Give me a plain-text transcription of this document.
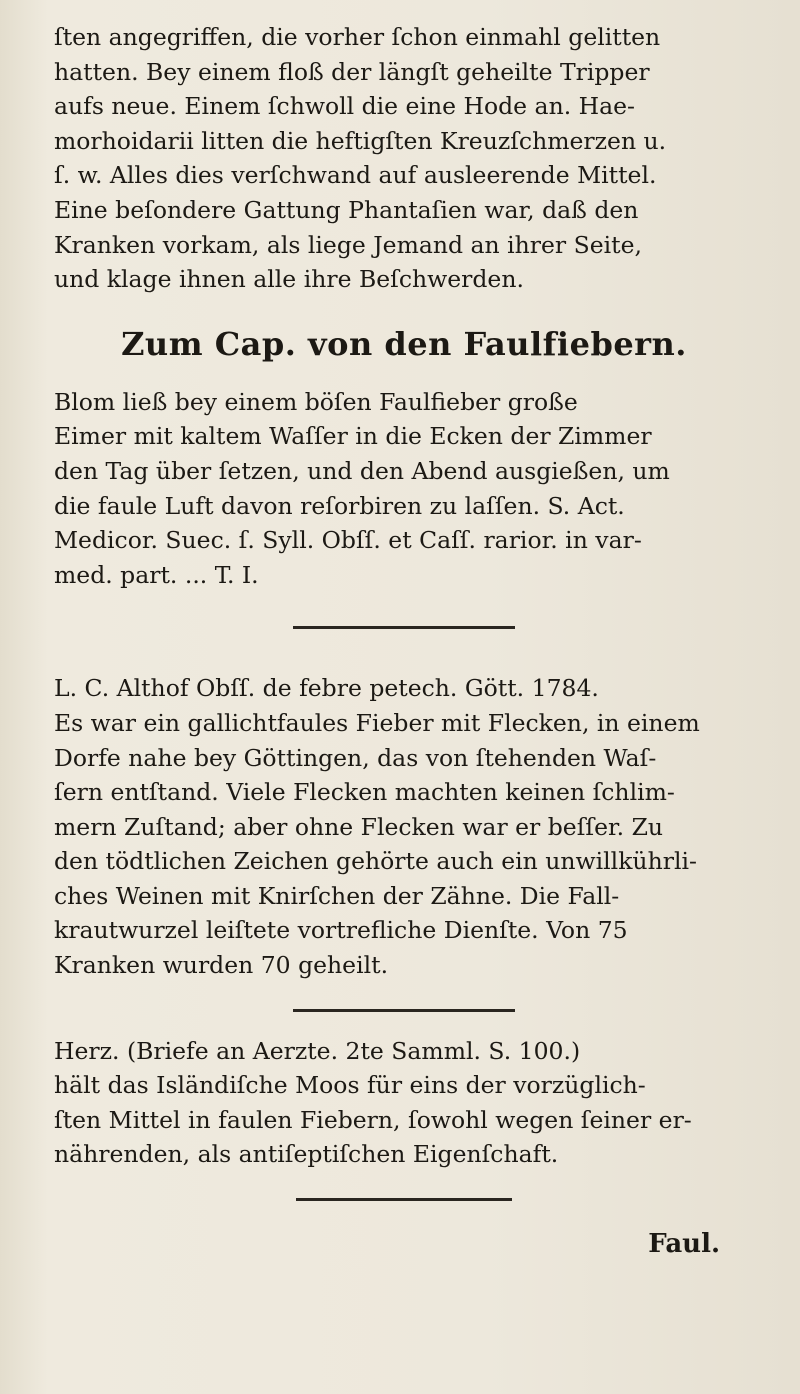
ſten angegriffen, die vorher ſchon einmahl gelitten
hatten. Bey einem floß der längſt geheilte Tripper
aufs neue. Einem ſchwoll die eine Hode an. Hae-
morhoidarii litten die heftigſten Kreuzſchmerzen u.
ſ. w. Alles dies verſchwand auf ausleerende Mittel.
Eine beſondere Gattung Phantaſien war, daß den
Kranken vorkam, als liege Jemand an ihrer Seite,
und klage ihnen alle ihre Beſchwerden.

Zum Cap. von den Faulfiebern.

Blom ließ bey einem böſen Faulfieber große
Eimer mit kaltem Waſſer in die Ecken der Zimmer
den Tag über ſetzen, und den Abend ausgießen, um
die faule Luft davon reſorbiren zu laſſen. S. Act.
Medicor. Suec. ſ. Syll. Obſſ. et Caſſ. rarior. in var-
med. part. ... T. I.

L. C. Althof Obſſ. de febre petech. Gött. 1784.
Es war ein gallichtfaules Fieber mit Flecken, in einem
Dorfe nahe bey Göttingen, das von ſtehenden Waſ-
ſern entſtand. Viele Flecken machten keinen ſchlim-
mern Zuſtand; aber ohne Flecken war er beſſer. Zu
den tödtlichen Zeichen gehörte auch ein unwillkührli-
ches Weinen mit Knirſchen der Zähne. Die Fall-
krautwurzel leiſtete vortrefliche Dienſte. Von 75
Kranken wurden 70 geheilt.

Herz. (Briefe an Aerzte. 2te Samml. S. 100.)
hält das Isländiſche Moos für eins der vorzüglich-
ſten Mittel in faulen Fiebern, ſowohl wegen ſeiner er-
nährenden, als antiſeptiſchen Eigenſchaft.

Faul.
